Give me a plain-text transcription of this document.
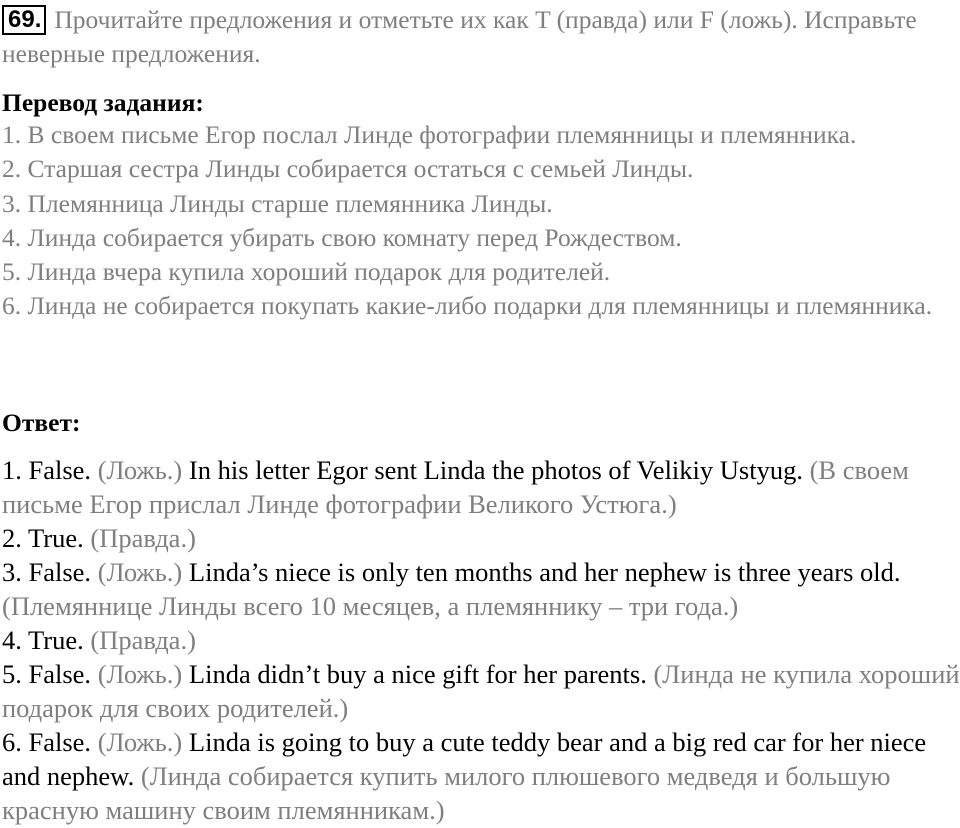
69. Прочитайте предложения и отметьте их как T (правда) или F (ложь). Исправьте неверные предложения.
Перевод задания:

1. В своем письме Егор послал Линде фотографии племянницы и племянника.

2. Старшая сестра Линды собирается остаться с семьей Линды.

3. Племянница Линды старше племянника Линды.

4. Линда собирается убирать свою комнату перед Рождеством.

5. Линда вчера купила хороший подарок для родителей.

6. Линда не собирается покупать какие-либо подарки для племянницы и племянника.

Ответ:

1. False. (Ложь.) In his letter Egor sent Linda the photos of Velikiy Ustyug. (В своем письме Егор прислал Линде фотографии Великого Устюга.)

2. True. (Правда.)

3. False. (Ложь.) Linda’s niece is only ten months and her nephew is three years old. (Племяннице Линды всего 10 месяцев, а племяннику – три года.)

4. True. (Правда.)

5. False. (Ложь.) Linda didn’t buy a nice gift for her parents. (Линда не купила хороший подарок для своих родителей.)

6. False. (Ложь.) Linda is going to buy a cute teddy bear and a big red car for her niece and nephew. (Линда собирается купить милого плюшевого медведя и большую красную машину своим племянникам.)
